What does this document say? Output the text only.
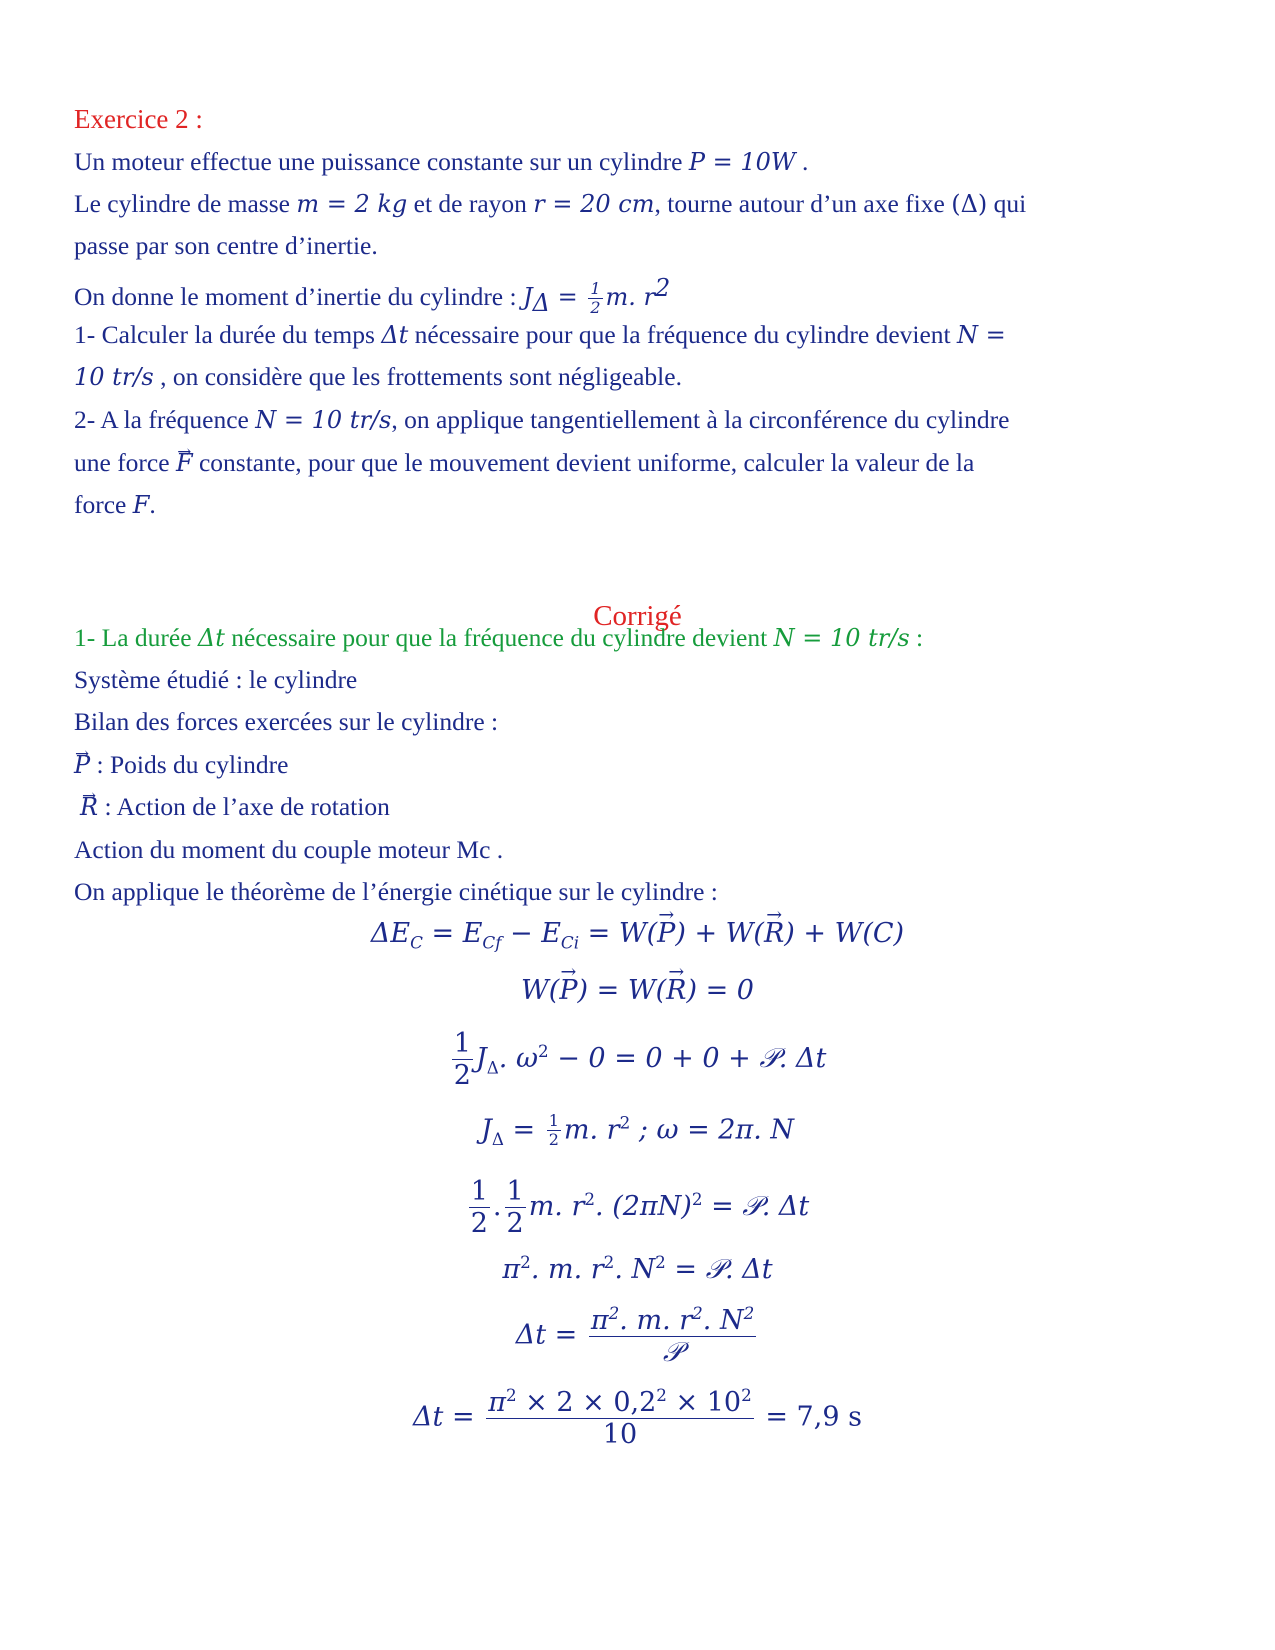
Exercice 2 :
Un moteur effectue une puissance constante sur un cylindre P = 10W .
Le cylindre de masse m = 2 kg et de rayon r = 20 cm, tourne autour d’un axe fixe (Δ) qui
passe par son centre d’inertie.
On donne le moment d’inertie du cylindre : $J_\Delta = \frac{1}{2} m$. $r^2$
1- Calculer la durée du temps Δt nécessaire pour que la fréquence du cylindre devient N =
10 tr/s , on considère que les frottements sont négligeable.
2- A la fréquence N = 10 tr/s, on applique tangentiellement à la circonférence du cylindre
une force → F constante, pour que le mouvement devient uniforme, calculer la valeur de la
force F.
Corrigé
1- La durée Δt nécessaire pour que la fréquence du cylindre devient N = 10 tr/s :
Système étudié : le cylindre
Bilan des forces exercées sur le cylindre :
→ P : Poids du cylindre
→ R : Action de l’axe de rotation
Action du moment du couple moteur Mc .
On applique le théorème de l’énergie cinétique sur le cylindre :
$\Delta E_C = E_{Cf} - E_{Ci} = W(\to P) + W(\to R) + W(C)$
W(→ P) = W(→ R) = 0
$\frac{1}{2} J_\Delta$. $\omega^2 - 0 = 0 + 0$ + 𝒫. Δt
$J_\Delta = \frac{1}{2} m$. $r^2$ ; ω = 2π. N
$\frac{1}{2}$ . $\frac{1}{2} m$. $r^2$. $(2\pi N)^2$ = 𝒫. Δt
$\pi^2$. m. $r^2$. $N^2$ = 𝒫. Δt
$\Delta t = \frac{\pi^2. m. r^2. N^2}{\text{𝒫}}$
$\Delta t = \frac{\pi^2 \times 2 \times 0,2^2 \times 10^2}{10} = 7,9$ s
